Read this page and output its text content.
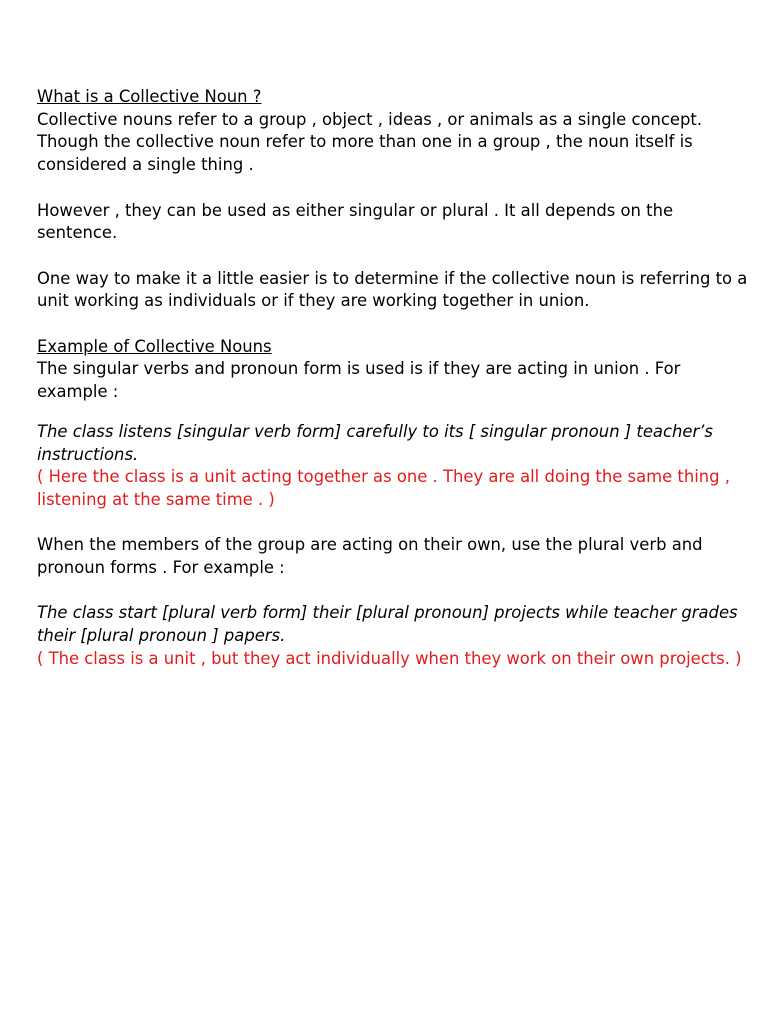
What is a Collective Noun ?
Collective nouns refer to a group , object , ideas , or animals as a single concept. Though the collective noun refer to more than one in a group , the noun itself is considered a single thing .
However , they can be used as either singular or plural . It all depends on the sentence.
One way to make it a little easier is to determine if the collective noun is referring to a unit working as individuals or if they are working together in union.
Example of Collective Nouns
The singular verbs and pronoun form is used is if they are acting in union . For example :
The class listens [singular verb form] carefully to its [ singular pronoun ] teacher’s instructions.
( Here the class is a unit acting together as one . They are all doing the same thing , listening at the same time . )
When the members of the group are acting on their own, use the plural verb and pronoun forms . For example :
The class start [plural verb form] their [plural pronoun] projects while teacher grades their [plural pronoun ] papers.
( The class is a unit , but they act individually when they work on their own projects. )
